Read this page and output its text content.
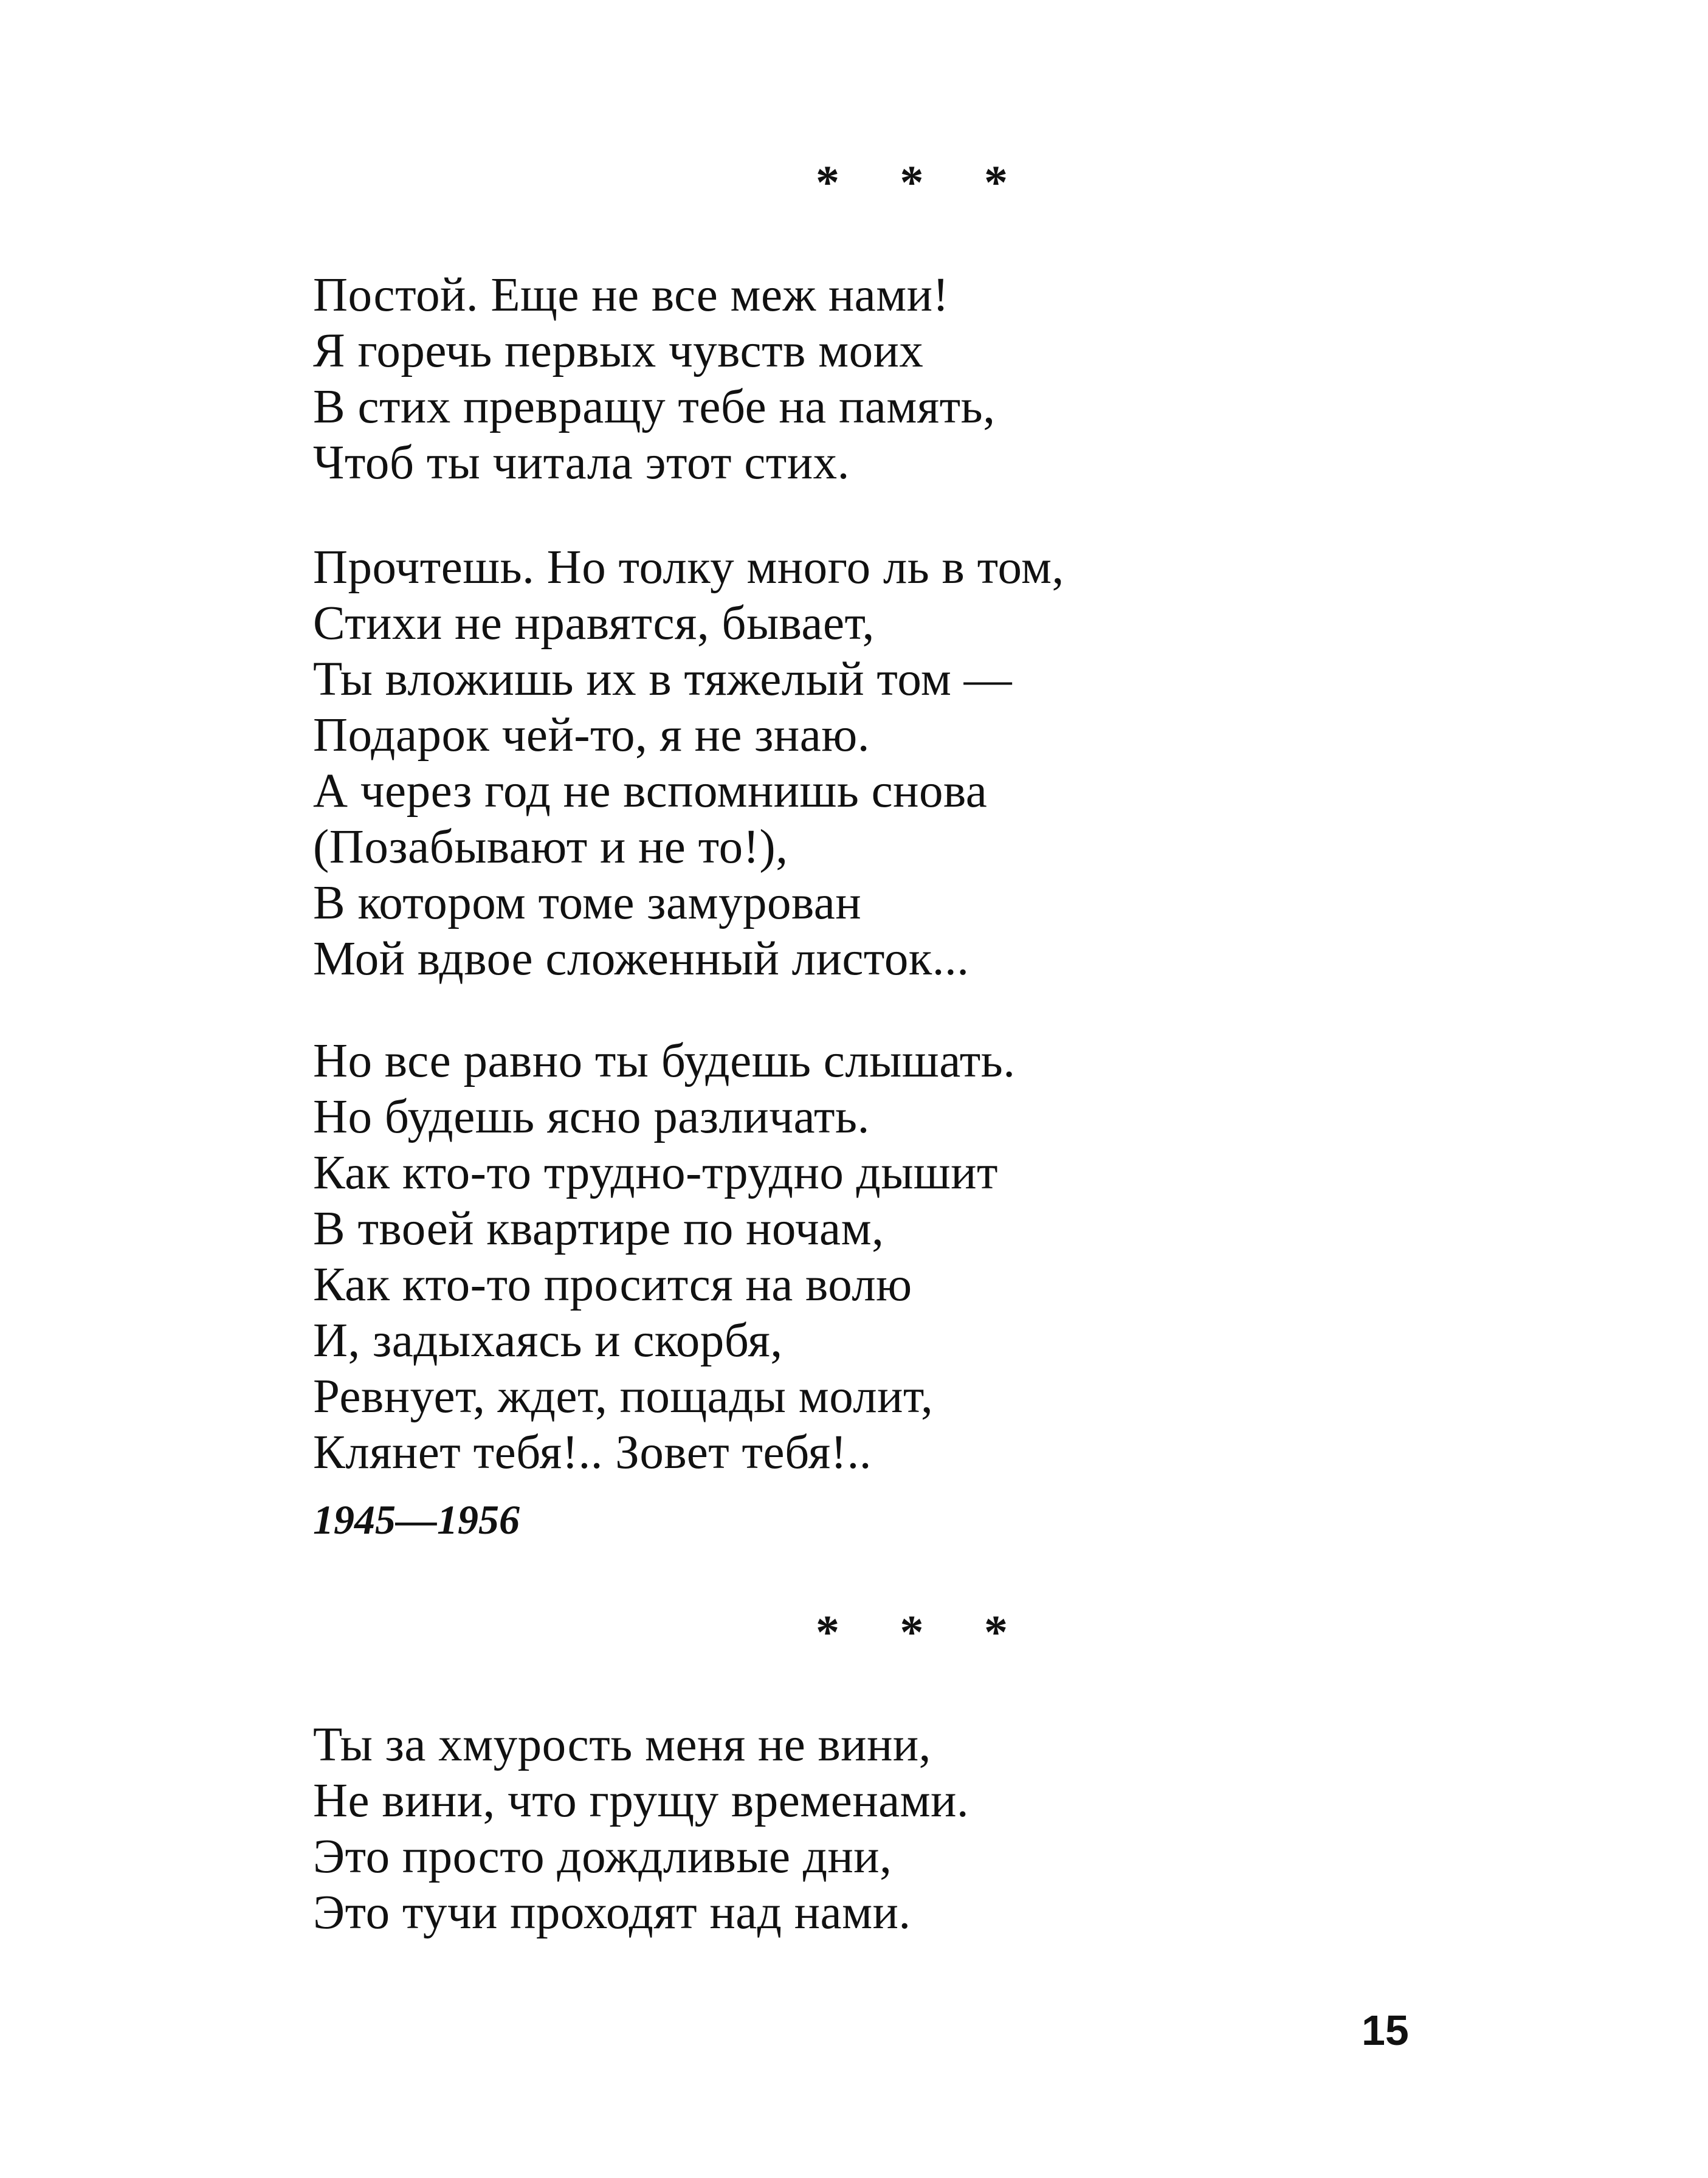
* * *
Постой. Еще не все меж нами!
Я горечь первых чувств моих
В стих превращу тебе на память,
Чтоб ты читала этот стих.
Прочтешь. Но толку много ль в том,
Стихи не нравятся, бывает,
Ты вложишь их в тяжелый том —
Подарок чей-то, я не знаю.
А через год не вспомнишь снова
(Позабывают и не то!),
В котором томе замурован
Мой вдвое сложенный листок...
Но все равно ты будешь слышать.
Но будешь ясно различать.
Как кто-то трудно-трудно дышит
В твоей квартире по ночам,
Как кто-то просится на волю
И, задыхаясь и скорбя,
Ревнует, ждет, пощады молит,
Клянет тебя!.. Зовет тебя!..
1945—1956
* * *
Ты за хмурость меня не вини,
Не вини, что грущу временами.
Это просто дождливые дни,
Это тучи проходят над нами.
15
